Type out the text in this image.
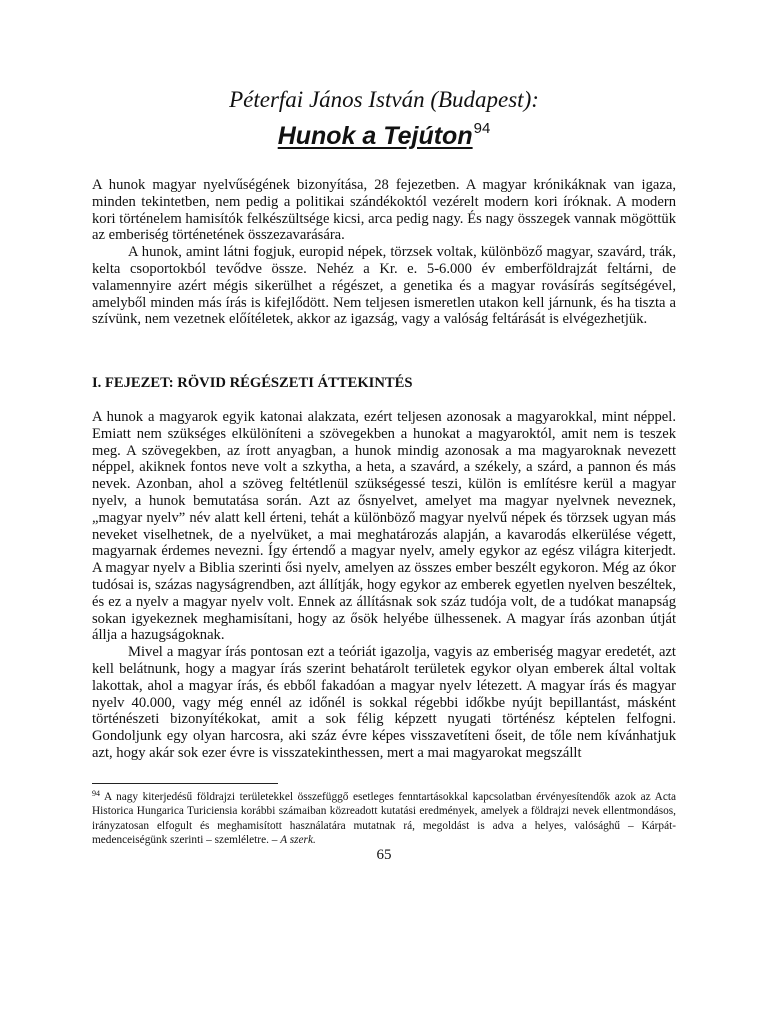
Péterfai János István (Budapest):
Hunok a Tejúton$^{94}$

A hunok magyar nyelvűségének bizonyítása, 28 fejezetben. A magyar krónikáknak van igaza, minden tekintetben, nem pedig a politikai szándékoktól vezérelt modern kori íróknak. A modern kori történelem hamisítók felkészültsége kicsi, arca pedig nagy. És nagy összegek vannak mögöttük az emberiség történetének összezavarására.

A hunok, amint látni fogjuk, europid népek, törzsek voltak, különböző magyar, szavárd, trák, kelta csoportokból tevődve össze. Nehéz a Kr. e. 5-6.000 év emberföldrajzát feltárni, de valamennyire azért mégis sikerülhet a régészet, a genetika és a magyar rovásírás segítségével, amelyből minden más írás is kifejlődött. Nem teljesen ismeretlen utakon kell járnunk, és ha tiszta a szívünk, nem vezetnek előítéletek, akkor az igazság, vagy a valóság feltárását is elvégezhetjük.

I. FEJEZET: RÖVID RÉGÉSZETI ÁTTEKINTÉS

A hunok a magyarok egyik katonai alakzata, ezért teljesen azonosak a magyarokkal, mint néppel. Emiatt nem szükséges elkülöníteni a szövegekben a hunokat a magyaroktól, amit nem is teszek meg. A szövegekben, az írott anyagban, a hunok mindig azonosak a ma magyaroknak nevezett néppel, akiknek fontos neve volt a szkytha, a heta, a szavárd, a székely, a szárd, a pannon és más nevek. Azonban, ahol a szöveg feltétlenül szükségessé teszi, külön is említésre kerül a magyar nyelv, a hunok bemutatása során. Azt az ősnyelvet, amelyet ma magyar nyelvnek neveznek, „magyar nyelv” név alatt kell érteni, tehát a különböző magyar nyelvű népek és törzsek ugyan más neveket viselhetnek, de a nyelvüket, a mai meghatározás alapján, a kavarodás elkerülése végett, magyarnak érdemes nevezni. Így értendő a magyar nyelv, amely egykor az egész világra kiterjedt. A magyar nyelv a Biblia szerinti ősi nyelv, amelyen az összes ember beszélt egykoron. Még az ókor tudósai is, százas nagyságrendben, azt állítják, hogy egykor az emberek egyetlen nyelven beszéltek, és ez a nyelv a magyar nyelv volt. Ennek az állításnak sok száz tudója volt, de a tudókat manapság sokan igyekeznek meghamisítani, hogy az ősök helyébe ülhessenek. A magyar írás azonban útját állja a hazugságoknak.

Mivel a magyar írás pontosan ezt a teóriát igazolja, vagyis az emberiség magyar eredetét, azt kell belátnunk, hogy a magyar írás szerint behatárolt területek egykor olyan emberek által voltak lakottak, ahol a magyar írás, és ebből fakadóan a magyar nyelv létezett. A magyar írás és magyar nyelv 40.000, vagy még ennél az időnél is sokkal régebbi időkbe nyújt bepillantást, másként történészeti bizonyítékokat, amit a sok félig képzett nyugati történész képtelen felfogni. Gondoljunk egy olyan harcosra, aki száz évre képes visszavetíteni őseit, de tőle nem kívánhatjuk azt, hogy akár sok ezer évre is visszatekinthessen, mert a mai magyarokat megszállt

$^{94}$ A nagy kiterjedésű földrajzi területekkel összefüggő esetleges fenntartásokkal kapcsolatban érvényesítendők azok az Acta Historica Hungarica Turiciensia korábbi számaiban közreadott kutatási eredmények, amelyek a földrajzi nevek ellentmondásos, irányzatosan elfogult és meghamisított használatára mutatnak rá, megoldást is adva a helyes, valósághű – Kárpát-medenceiségünk szerinti – szemléletre. – A szerk.
65
